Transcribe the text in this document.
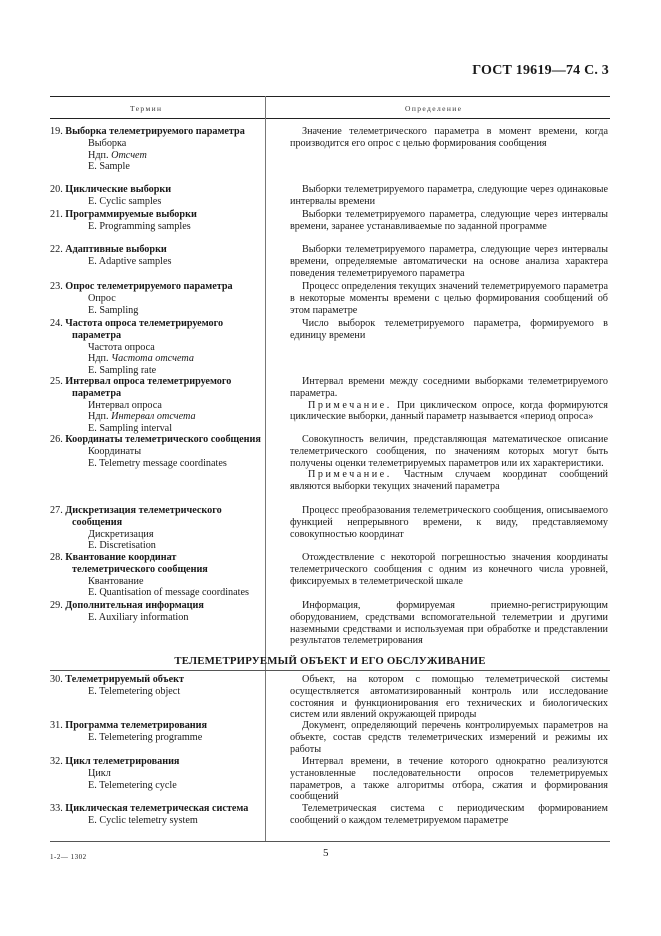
ГОСТ 19619—74 С. 3
Термин	Определение
19. Выборка телеметрируемого параметра
Выборка
Ндп. Отсчет
E. Sample

Значение телеметрического параметра в момент времени, когда производится его опрос с целью формирования сообщения

20. Циклические выборки
E. Cyclic samples

Выборки телеметрируемого параметра, следующие через одинаковые интервалы времени

21. Программируемые выборки
E. Programming samples

Выборки телеметрируемого параметра, следующие через интервалы времени, заранее устанавливаемые по заданной программе

22. Адаптивные выборки
E. Adaptive samples

Выборки телеметрируемого параметра, следующие через интервалы времени, определяемые автоматически на основе анализа характера поведения телеметрируемого параметра

23. Опрос телеметрируемого параметра
Опрос
E. Sampling

Процесс определения текущих значений телеметрируемого параметра в некоторые моменты времени с целью формирования сообщений об этом параметре

24. Частота опроса телеметрируемого параметра
Частота опроса
Ндп. Частота отсчета
E. Sampling rate

Число выборок телеметрируемого параметра, формируемого в единицу времени

25. Интервал опроса телеметрируемого параметра
Интервал опроса
Ндп. Интервал отсчета
E. Sampling interval

Интервал времени между соседними выборками телеметрируемого параметра.

Примечание. При циклическом опросе, когда формируются циклические выборки, данный параметр называется «период опроса»

26. Координаты телеметрического сообщения
Координаты
E. Telemetry message coordinates

Совокупность величин, представляющая математическое описание телеметрического сообщения, по значениям которых могут быть получены оценки телеметрируемых параметров или их характеристики.

Примечание. Частным случаем координат сообщений являются выборки текущих значений параметра

27. Дискретизация телеметрического сообщения
Дискретизация
E. Discretisation

Процесс преобразования телеметрического сообщения, описываемого функцией непрерывного времени, к виду, представляемому совокупностью координат

28. Квантование координат телеметрического сообщения
Квантование
E. Quantisation of message coordinates

Отождествление с некоторой погрешностью значения координаты телеметрического сообщения с одним из конечного числа уровней, фиксируемых в телеметрической шкале

29. Дополнительная информация
E. Auxiliary information

Информация, формируемая приемно-регистрирующим оборудованием, средствами вспомогательной телеметрии и другими наземными средствами и используемая при обработке и представлении результатов телеметрирования

ТЕЛЕМЕТРИРУЕМЫЙ ОБЪЕКТ И ЕГО ОБСЛУЖИВАНИЕ
30. Телеметрируемый объект
E. Telemetering object

Объект, на котором с помощью телеметрической системы осуществляется автоматизированный контроль или исследование состояния и функционирования его технических и биологических систем или явлений окружающей природы

31. Программа телеметрирования
E. Telemetering programme

Документ, определяющий перечень контролируемых параметров на объекте, состав средств телеметрических измерений и режимы их работы

32. Цикл телеметрирования
Цикл
E. Telemetering cycle

Интервал времени, в течение которого однократно реализуются установленные последовательности опросов телеметрируемых параметров, а также алгоритмы отбора, сжатия и формирования сообщений

33. Циклическая телеметрическая система
E. Cyclic telemetry system

Телеметрическая система с периодическим формированием сообщений о каждом телеметрируемом параметре

1-2— 1302	5
